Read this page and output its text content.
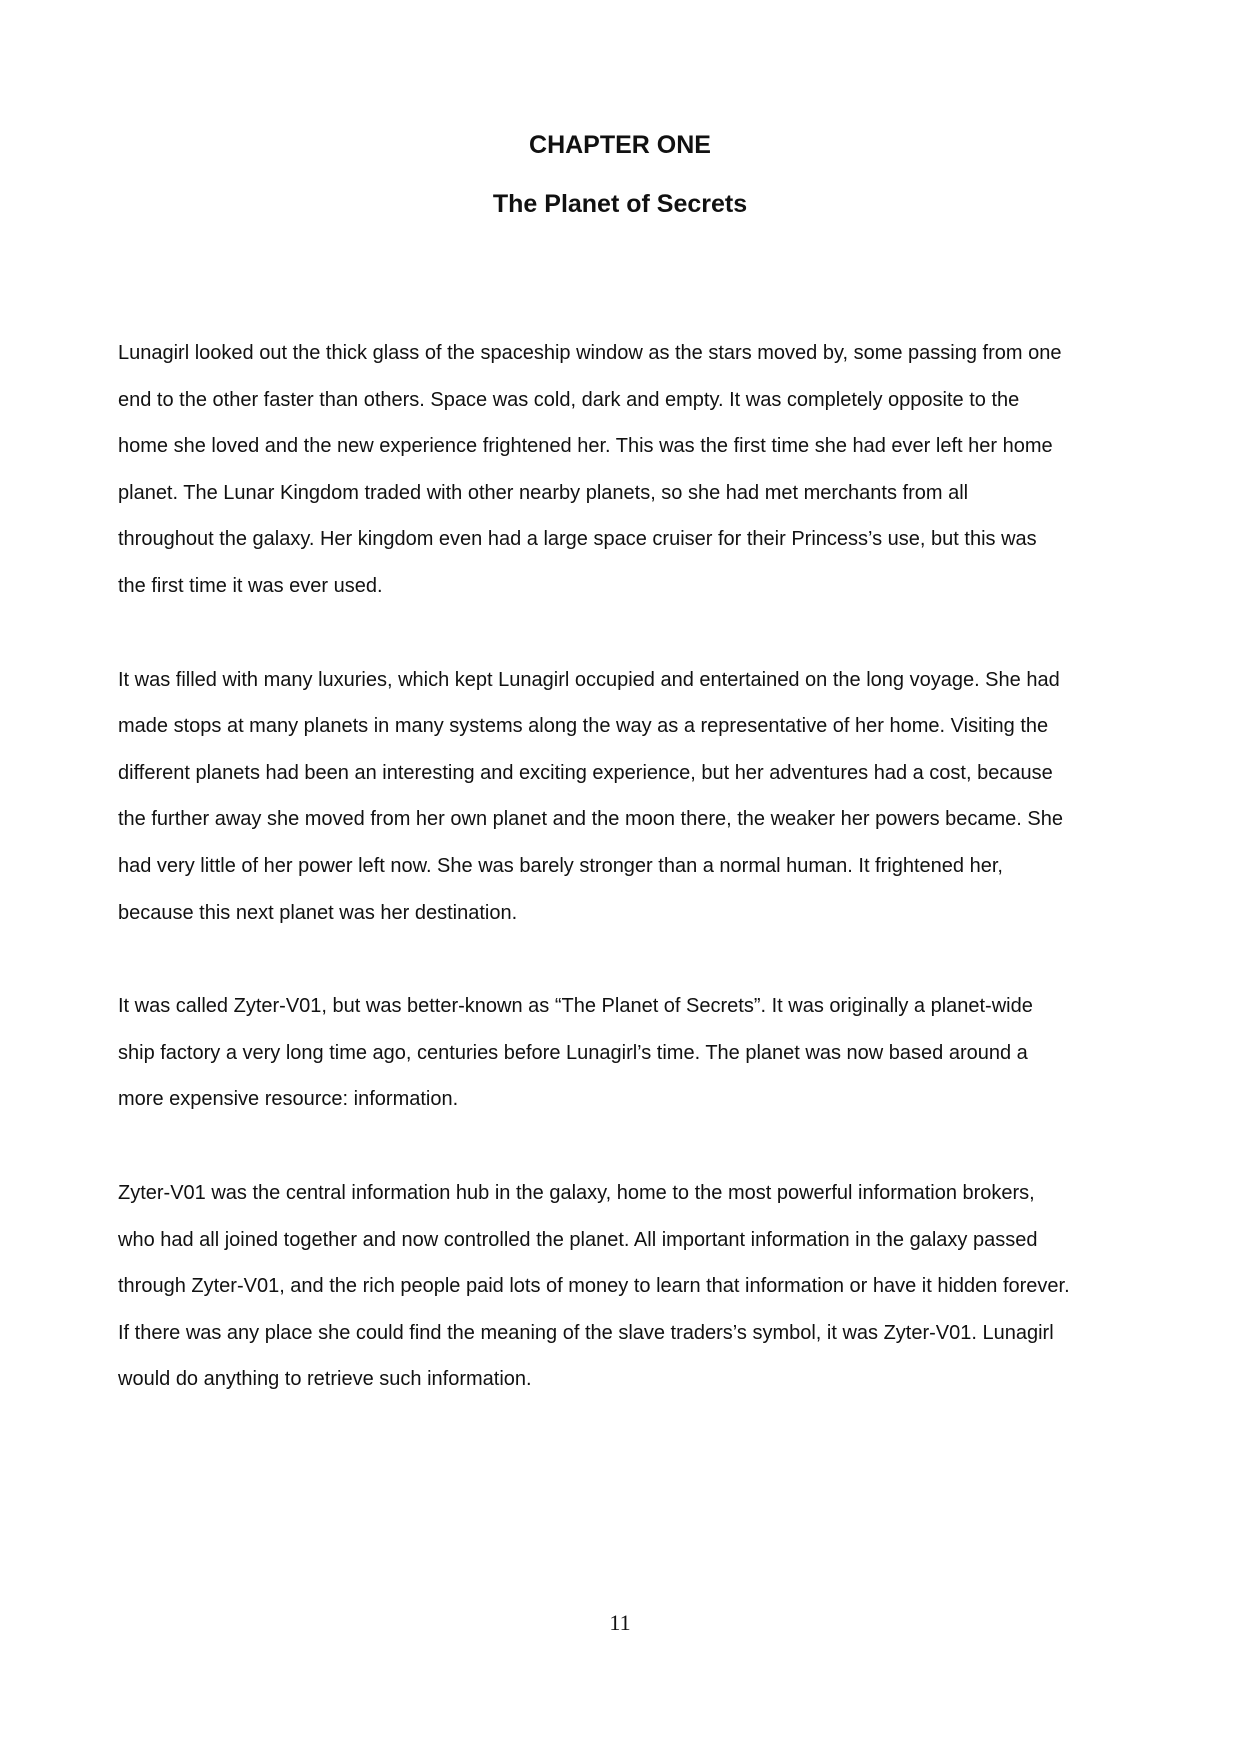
CHAPTER ONE
The Planet of Secrets

Lunagirl looked out the thick glass of the spaceship window as the stars moved by, some passing from one
end to the other faster than others. Space was cold, dark and empty. It was completely opposite to the
home she loved and the new experience frightened her. This was the first time she had ever left her home
planet. The Lunar Kingdom traded with other nearby planets, so she had met merchants from all
throughout the galaxy. Her kingdom even had a large space cruiser for their Princess’s use, but this was
the first time it was ever used.

It was filled with many luxuries, which kept Lunagirl occupied and entertained on the long voyage. She had
made stops at many planets in many systems along the way as a representative of her home. Visiting the
different planets had been an interesting and exciting experience, but her adventures had a cost, because
the further away she moved from her own planet and the moon there, the weaker her powers became. She
had very little of her power left now. She was barely stronger than a normal human. It frightened her,
because this next planet was her destination.

It was called Zyter-V01, but was better-known as “The Planet of Secrets”. It was originally a planet-wide
ship factory a very long time ago, centuries before Lunagirl’s time. The planet was now based around a
more expensive resource: information.

Zyter-V01 was the central information hub in the galaxy, home to the most powerful information brokers,
who had all joined together and now controlled the planet. All important information in the galaxy passed
through Zyter-V01, and the rich people paid lots of money to learn that information or have it hidden forever.
If there was any place she could find the meaning of the slave traders’s symbol, it was Zyter-V01. Lunagirl
would do anything to retrieve such information.

11
